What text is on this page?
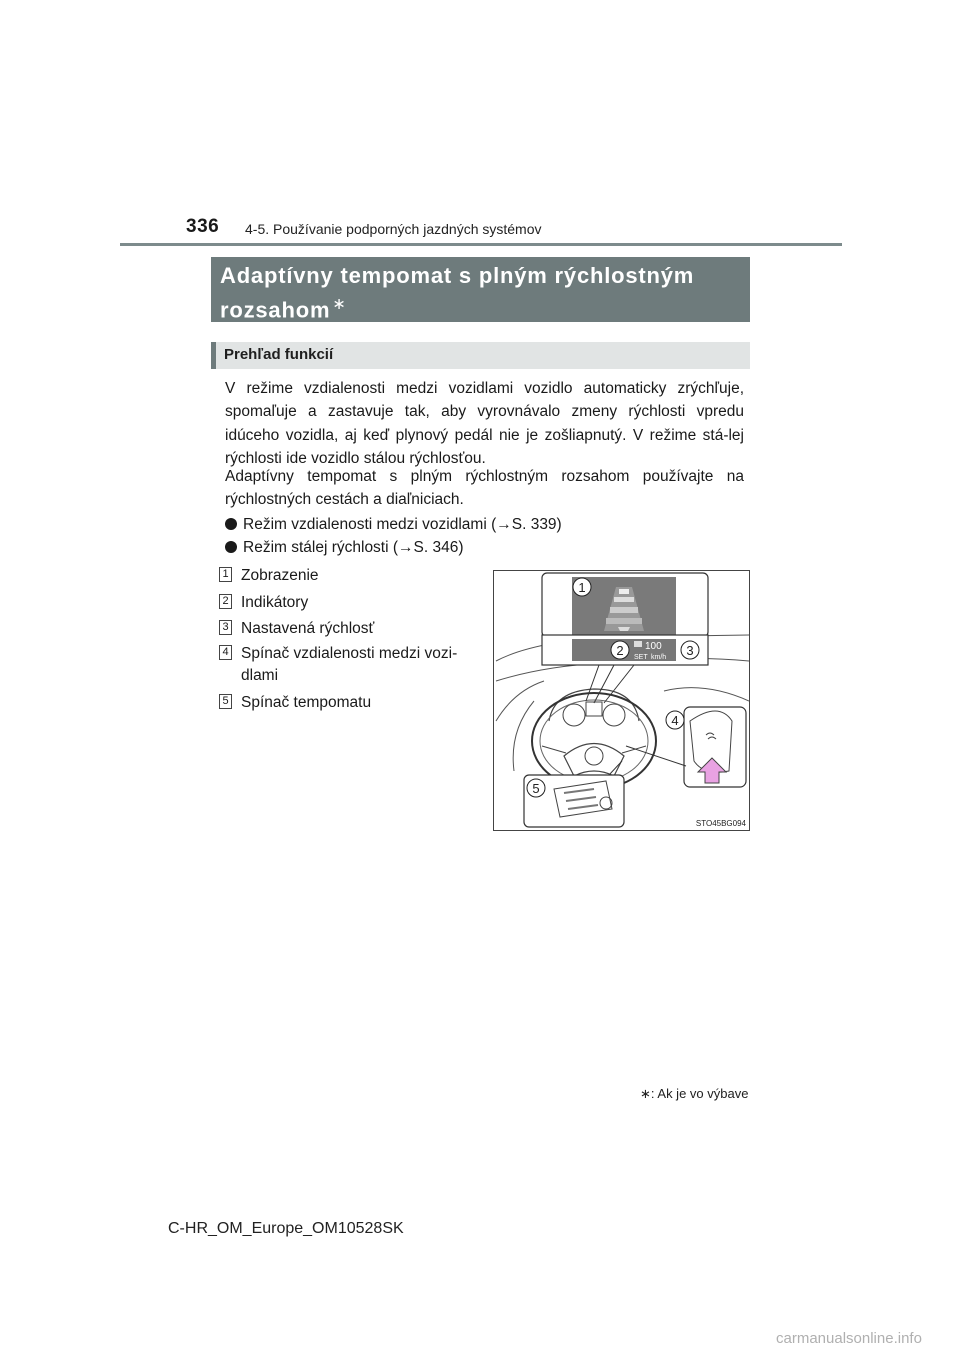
336 4-5. Používanie podporných jazdných systémov
Adaptívny tempomat s plným rýchlostným
rozsahom ∗
Prehľad funkcií
V režime vzdialenosti medzi vozidlami vozidlo automaticky zrýchľuje, spomaľuje a zastavuje tak, aby vyrovnávalo zmeny rýchlosti vpredu idúceho vozidla, aj keď plynový pedál nie je zošliapnutý. V režime stá-lej rýchlosti ide vozidlo stálou rýchlosťou.
Adaptívny tempomat s plným rýchlostným rozsahom používajte na rýchlostných cestách a diaľniciach.
Režim vzdialenosti medzi vozidlami (→S. 339)
Režim stálej rýchlosti (→S. 346)
1 Zobrazenie
2 Indikátory
3 Nastavená rýchlosť
4 Spínač vzdialenosti medzi vozi-dlami
5 Spínač tempomatu
100
SET km/h
1
2	3
4
5
STO45BG094
∗: Ak je vo výbave
C-HR_OM_Europe_OM10528SK
carmanualsonline.info
